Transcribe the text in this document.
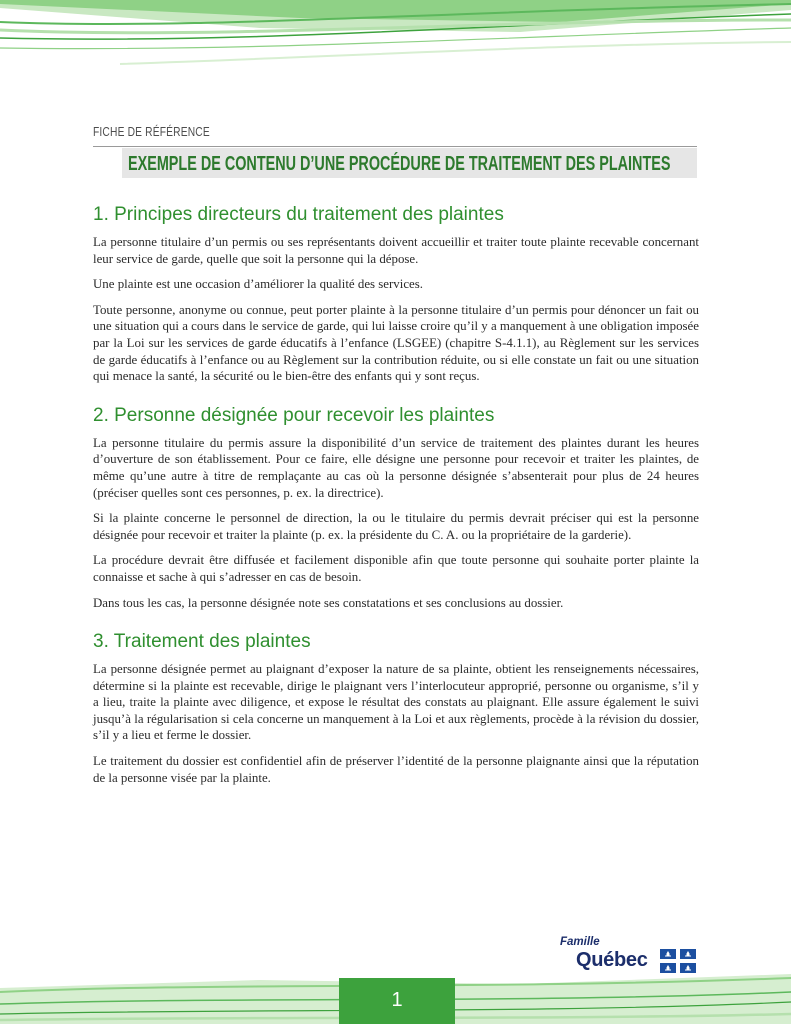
FICHE DE RÉFÉRENCE
EXEMPLE DE CONTENU D’UNE PROCÉDURE DE TRAITEMENT DES PLAINTES
1. Principes directeurs du traitement des plaintes

La personne titulaire d’un permis ou ses représentants doivent accueillir et traiter toute plainte recevable concernant leur service de garde, quelle que soit la personne qui la dépose.

Une plainte est une occasion d’améliorer la qualité des services.

Toute personne, anonyme ou connue, peut porter plainte à la personne titulaire d’un permis pour dénoncer un fait ou une situation qui a cours dans le service de garde, qui lui laisse croire qu’il y a manquement à une obligation imposée par la Loi sur les services de garde éducatifs à l’enfance (LSGEE) (chapitre S-4.1.1), au Règlement sur les services de garde éducatifs à l’enfance ou au Règlement sur la contribution réduite, ou si elle constate un fait ou une situation qui menace la santé, la sécurité ou le bien-être des enfants qui y sont reçus.

2. Personne désignée pour recevoir les plaintes

La personne titulaire du permis assure la disponibilité d’un service de traitement des plaintes durant les heures d’ouverture de son établissement. Pour ce faire, elle désigne une personne pour recevoir et traiter les plaintes, de même qu’une autre à titre de remplaçante au cas où la personne désignée s’absenterait pour plus de 24 heures (préciser quelles sont ces personnes, p. ex. la directrice).

Si la plainte concerne le personnel de direction, la ou le titulaire du permis devrait préciser qui est la personne désignée pour recevoir et traiter la plainte (p. ex. la présidente du C. A. ou la propriétaire de la garderie).

La procédure devrait être diffusée et facilement disponible afin que toute personne qui souhaite porter plainte la connaisse et sache à qui s’adresser en cas de besoin.

Dans tous les cas, la personne désignée note ses constatations et ses conclusions au dossier.

3. Traitement des plaintes

La personne désignée permet au plaignant d’exposer la nature de sa plainte, obtient les renseignements nécessaires, détermine si la plainte est recevable, dirige le plaignant vers l’interlocuteur approprié, personne ou organisme, s’il y a lieu, traite la plainte avec diligence, et expose le résultat des constats au plaignant. Elle assure également le suivi jusqu’à la régularisation si cela concerne un manquement à la Loi et aux règlements, procède à la révision du dossier, s’il y a lieu et ferme le dossier.

Le traitement du dossier est confidentiel afin de préserver l’identité de la personne plaignante ainsi que la réputation de la personne visée par la plainte.

Famille
Québec
1
